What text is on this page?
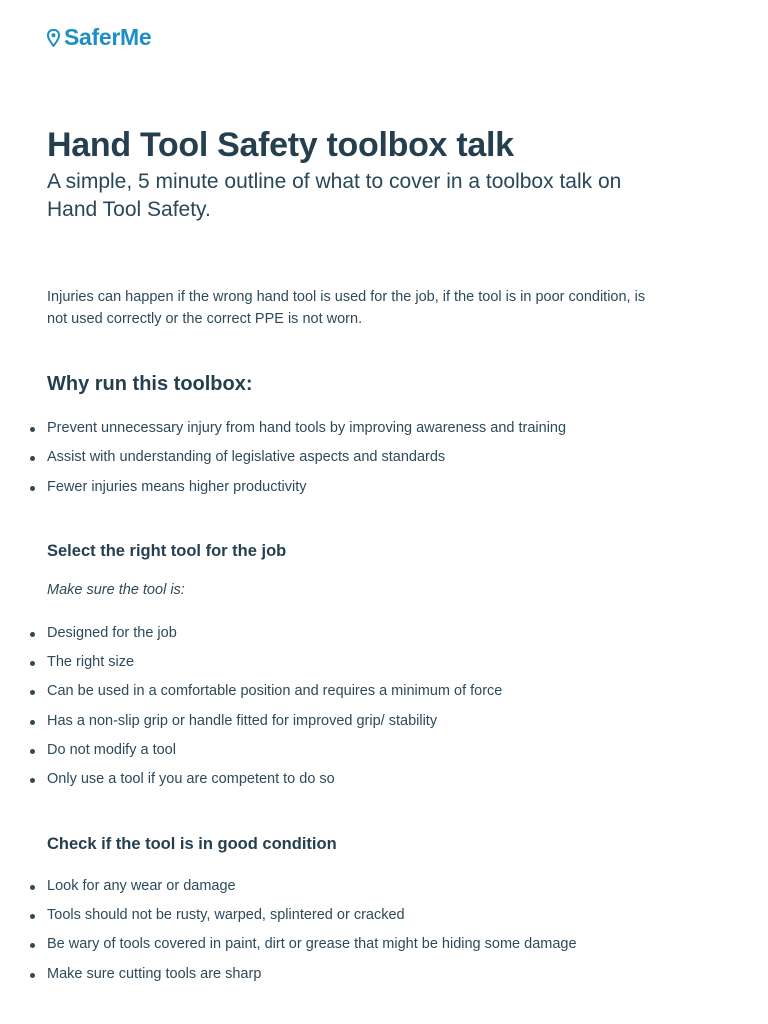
SaferMe
Hand Tool Safety toolbox talk

A simple, 5 minute outline of what to cover in a toolbox talk on Hand Tool Safety.

Injuries can happen if the wrong hand tool is used for the job, if the tool is in poor condition, is not used correctly or the correct PPE is not worn.

Why run this toolbox:
Prevent unnecessary injury from hand tools by improving awareness and training
Assist with understanding of legislative aspects and standards
Fewer injuries means higher productivity
Select the right tool for the job

Make sure the tool is:

Designed for the job
The right size
Can be used in a comfortable position and requires a minimum of force
Has a non-slip grip or handle fitted for improved grip/ stability
Do not modify a tool
Only use a tool if you are competent to do so
Check if the tool is in good condition
Look for any wear or damage
Tools should not be rusty, warped, splintered or cracked
Be wary of tools covered in paint, dirt or grease that might be hiding some damage
Make sure cutting tools are sharp
